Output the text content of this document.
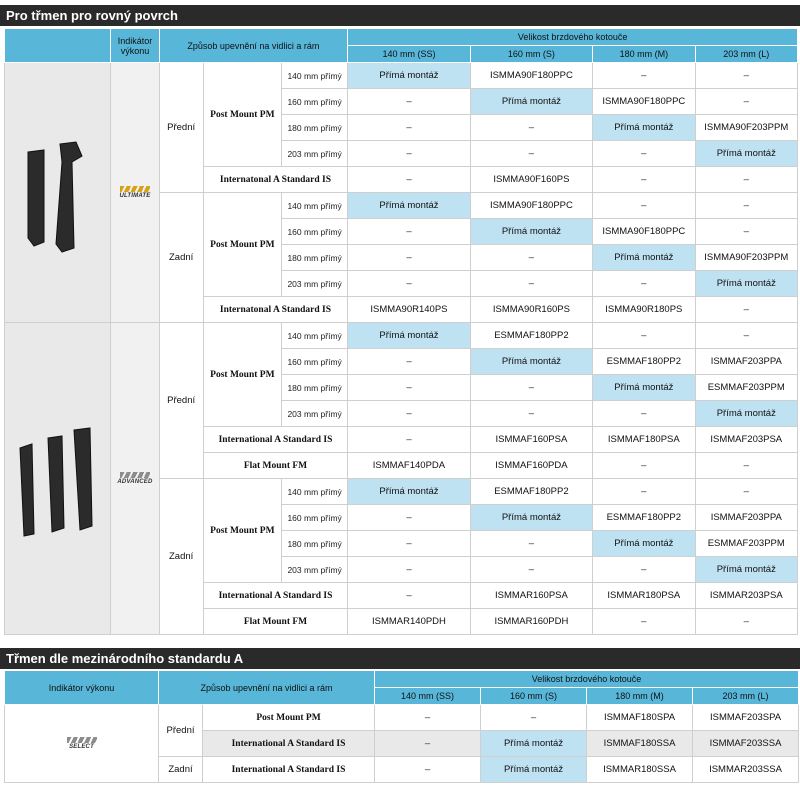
Pro třmen pro rovný povrch
	Indikátor výkonu	Způsob upevnění na vidlici a rám			Velikost brzdového kotouče			
					140 mm (SS)	160 mm (S)	180 mm (M)	203 mm (L)

ULTIMATE	Přední	Post Mount PM	140 mm přímý	Přímá montáž	ISMMA90F180PPC	–	–
				160 mm přímý	–	Přímá montáž	ISMMA90F180PPC	–
				180 mm přímý	–	–	Přímá montáž	ISMMA90F203PPM
				203 mm přímý	–	–	–	Přímá montáž
			Internatonal A Standard IS		–	ISMMA90F160PS	–	–
		Zadní	Post Mount PM	140 mm přímý	Přímá montáž	ISMMA90F180PPC	–	–
				160 mm přímý	–	Přímá montáž	ISMMA90F180PPC	–
				180 mm přímý	–	–	Přímá montáž	ISMMA90F203PPM
				203 mm přímý	–	–	–	Přímá montáž
			Internatonal A Standard IS		ISMMA90R140PS	ISMMA90R160PS	ISMMA90R180PS	–

ADVANCED	Přední	Post Mount PM	140 mm přímý	Přímá montáž	ESMMAF180PP2	–	–
				160 mm přímý	–	Přímá montáž	ESMMAF180PP2	ISMMAF203PPA
				180 mm přímý	–	–	Přímá montáž	ESMMAF203PPM
				203 mm přímý	–	–	–	Přímá montáž
			International A Standard IS		–	ISMMAF160PSA	ISMMAF180PSA	ISMMAF203PSA
			Flat Mount FM		ISMMAF140PDA	ISMMAF160PDA	–	–
		Zadní	Post Mount PM	140 mm přímý	Přímá montáž	ESMMAF180PP2	–	–
				160 mm přímý	–	Přímá montáž	ESMMAF180PP2	ISMMAF203PPA
				180 mm přímý	–	–	Přímá montáž	ESMMAF203PPM
				203 mm přímý	–	–	–	Přímá montáž
			International A Standard IS		–	ISMMAR160PSA	ISMMAR180PSA	ISMMAR203PSA
			Flat Mount FM		ISMMAR140PDH	ISMMAR160PDH	–	–
Třmen dle mezinárodního standardu A
Indikátor výkonu	Způsob upevnění na vidlici a rám		Velikost brzdového kotouče			
			140 mm (SS)	160 mm (S)	180 mm (M)	203 mm (L)

SELECT	Přední	Post Mount PM	–	–	ISMMAF180SPA	ISMMAF203SPA
		International A Standard IS	–	Přímá montáž	ISMMAF180SSA	ISMMAF203SSA
	Zadní	International A Standard IS	–	Přímá montáž	ISMMAR180SSA	ISMMAR203SSA
